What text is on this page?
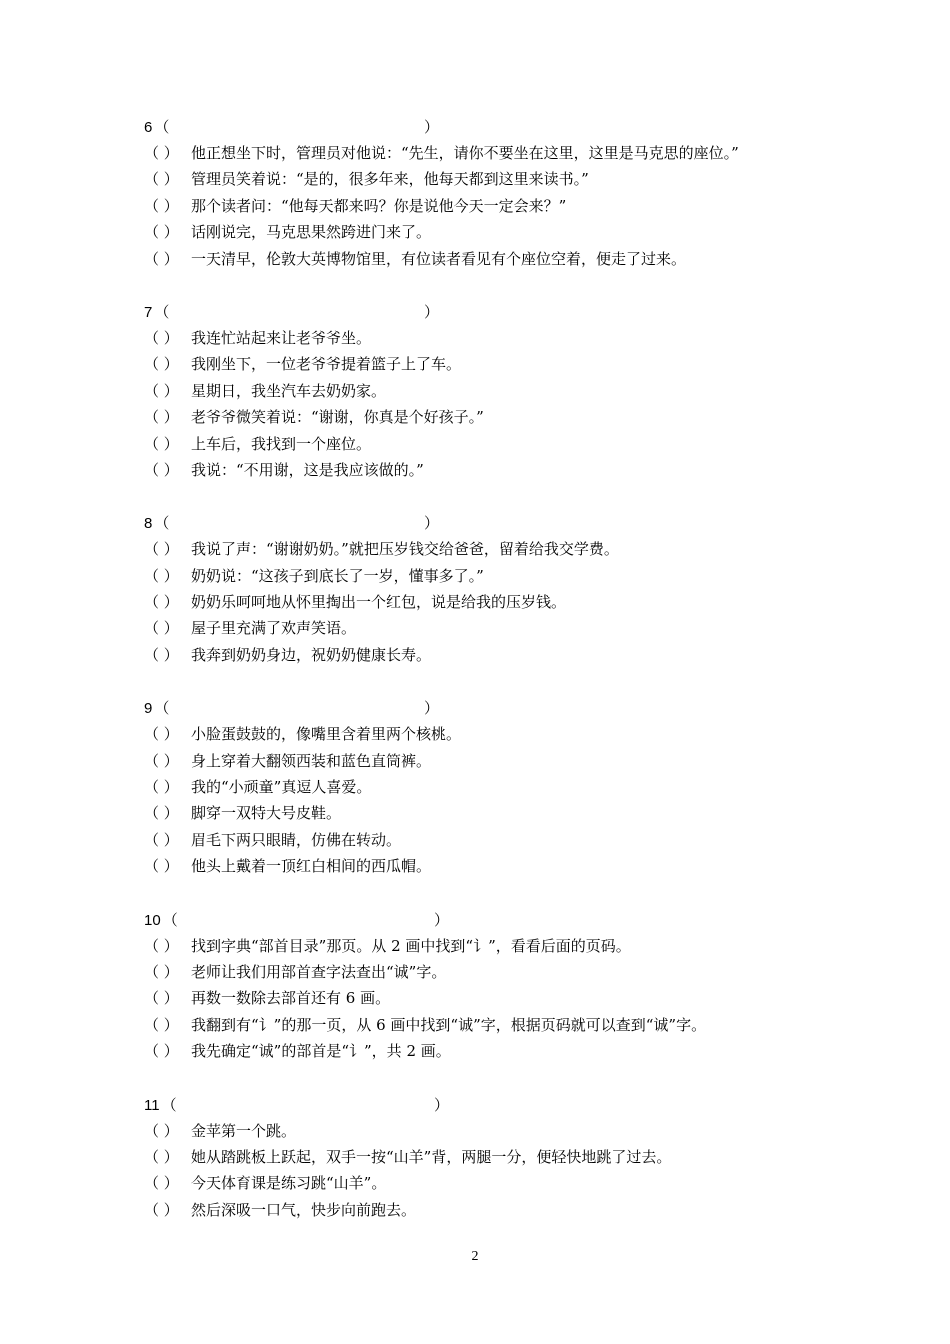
6 （	）
（ ） 他正想坐下时，管理员对他说：“先生，请你不要坐在这里，这里是马克思的座位。”
（ ） 管理员笑着说：“是的，很多年来，他每天都到这里来读书。”
（ ） 那个读者问：“他每天都来吗？你是说他今天一定会来？”
（ ） 话刚说完，马克思果然跨进门来了。
（ ） 一天清早，伦敦大英博物馆里，有位读者看见有个座位空着，便走了过来。
7 （	）
（ ） 我连忙站起来让老爷爷坐。
（ ） 我刚坐下，一位老爷爷提着篮子上了车。
（ ） 星期日，我坐汽车去奶奶家。
（ ） 老爷爷微笑着说：“谢谢，你真是个好孩子。”
（ ） 上车后，我找到一个座位。
（ ） 我说：“不用谢，这是我应该做的。”
8 （	）
（ ） 我说了声：“谢谢奶奶。”就把压岁钱交给爸爸，留着给我交学费。
（ ） 奶奶说：“这孩子到底长了一岁，懂事多了。”
（ ） 奶奶乐呵呵地从怀里掏出一个红包，说是给我的压岁钱。
（ ） 屋子里充满了欢声笑语。
（ ） 我奔到奶奶身边，祝奶奶健康长寿。
9 （	）
（ ） 小脸蛋鼓鼓的，像嘴里含着里两个核桃。
（ ） 身上穿着大翻领西装和蓝色直筒裤。
（ ） 我的“小顽童”真逗人喜爱。
（ ） 脚穿一双特大号皮鞋。
（ ） 眉毛下两只眼睛，仿佛在转动。
（ ） 他头上戴着一顶红白相间的西瓜帽。
10 （	）
（ ） 找到字典“部首目录”那页。从 2 画中找到“讠”，看看后面的页码。
（ ） 老师让我们用部首查字法查出“诚”字。
（ ） 再数一数除去部首还有 6 画。
（ ） 我翻到有“讠”的那一页，从 6 画中找到“诚”字，根据页码就可以查到“诚”字。
（ ） 我先确定“诚”的部首是“讠”，共 2 画。
11 （	）
（ ） 金苹第一个跳。
（ ） 她从踏跳板上跃起，双手一按“山羊”背，两腿一分，便轻快地跳了过去。
（ ） 今天体育课是练习跳“山羊”。
（ ） 然后深吸一口气，快步向前跑去。
2
